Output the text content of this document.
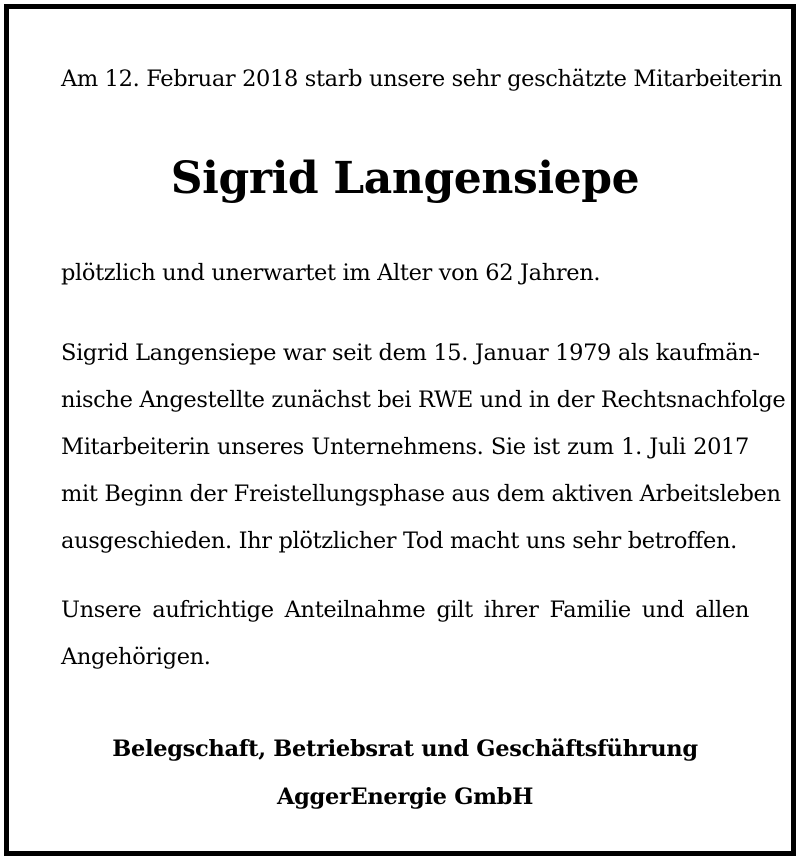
Am 12. Februar 2018 starb unsere sehr geschätzte Mitarbeiterin
Sigrid Langensiepe
plötzlich und unerwartet im Alter von 62 Jahren.
Sigrid Langensiepe war seit dem 15. Januar 1979 als kaufmän-
nische Angestellte zunächst bei RWE und in der Rechtsnachfolge
Mitarbeiterin unseres Unternehmens. Sie ist zum 1. Juli 2017
mit Beginn der Freistellungsphase aus dem aktiven Arbeitsleben
ausgeschieden. Ihr plötzlicher Tod macht uns sehr betroffen.
Unsere aufrichtige Anteilnahme gilt ihrer Familie und allen
Angehörigen.
Belegschaft, Betriebsrat und Geschäftsführung
AggerEnergie GmbH
